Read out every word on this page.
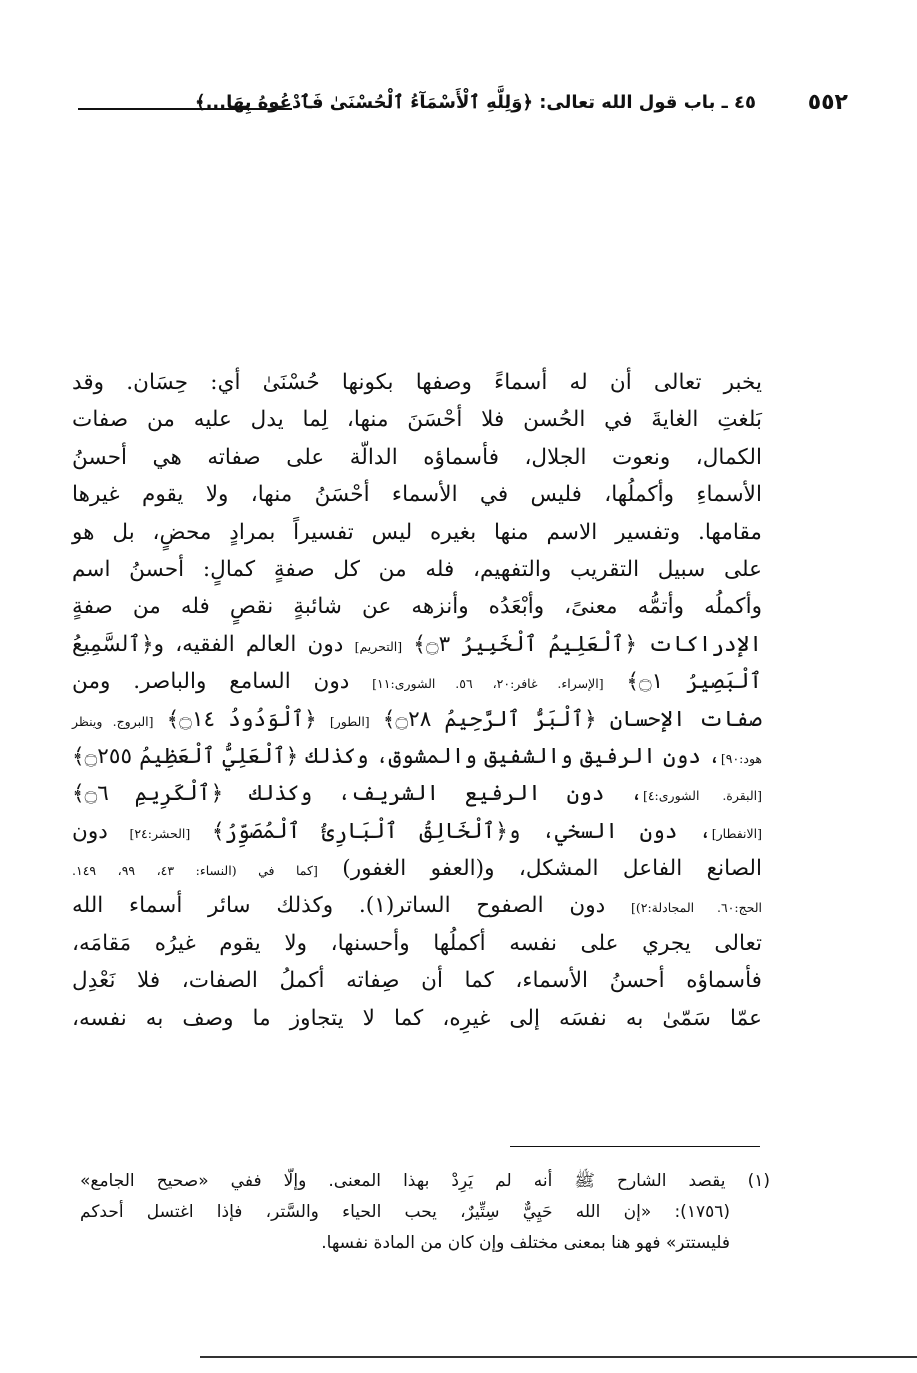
٥٥٢
٤٥ ـ باب قول الله تعالى: ﴿وَلِلَّهِ ٱلْأَسْمَآءُ ٱلْحُسْنَىٰ فَٱدْعُوهُ بِهَا...﴾
يخبر تعالى أن له أسماءً وصفها بكونها حُسْنَىٰ أي: حِسَان. وقد
بَلغتِ الغايةَ في الحُسن فلا أحْسَنَ منها، لِما يدل عليه من صفات
الكمال، ونعوت الجلال، فأسماؤه الدالّة على صفاته هي أحسنُ
الأسماءِ وأكملُها، فليس في الأسماء أحْسَنُ منها، ولا يقوم غيرها
مقامها. وتفسير الاسم منها بغيره ليس تفسيراً بمرادٍ محضٍ، بل هو
على سبيل التقريب والتفهيم، فله من كل صفةٍ كمالٍ: أحسنُ اسم
وأكملُه وأتمُّه معنىً، وأبْعَدُه وأنزهه عن شائبةٍ نقصٍ فله من صفةٍ
الإدراكات ﴿ٱلْعَلِيمُ ٱلْخَبِيرُ ۝٣﴾ [التحريم] دون العالم الفقيه، و﴿ٱلسَّمِيعُ
ٱلْبَصِيرُ ۝١﴾ [الإسراء. غافر:٢٠، ٥٦. الشورى:١١] دون السامع والباصر. ومن
صفات الإحسان ﴿ٱلْبَرُّ ٱلرَّحِيمُ ۝٢٨﴾ [الطور] ﴿ٱلْوَدُودُ ۝١٤﴾ [البروج. وينظر
هود:٩٠]، دون الرفيق والشفيق والمشوق، وكذلك ﴿ٱلْعَلِيُّ ٱلْعَظِيمُ ۝٢٥٥﴾
[البقرة. الشورى:٤]، دون الرفيع الشريف، وكذلك ﴿ٱلْكَرِيمِ ۝٦﴾
[الانفطار]، دون السخي، و﴿ٱلْخَالِقُ ٱلْبَارِئُ ٱلْمُصَوِّرُ﴾ [الحشر:٢٤] دون
الصانع الفاعل المشكل، و(العفو الغفور) [كما في (النساء: ٤٣، ٩٩، ١٤٩.
الحج:٦٠. المجادلة:٢)] دون الصفوح الساتر(١). وكذلك سائر أسماء الله
تعالى يجري على نفسه أكملُها وأحسنها، ولا يقوم غيرُه مَقامَه،
فأسماؤه أحسنُ الأسماء، كما أن صِفاته أكملُ الصفات، فلا نَعْدِل
عمّا سَمّىٰ به نفسَه إلى غيرِه، كما لا يتجاوز ما وصف به نفسه،
(١) يقصد الشارح ﷺ أنه لم يَرِدْ بهذا المعنى. وإلّا ففي «صحيح الجامع»
(١٧٥٦): «إن الله حَيِيٌّ سِتِّيرٌ، يحب الحياء والسَّتر، فإذا اغتسل أحدكم
فليستتر» فهو هنا بمعنى مختلف وإن كان من المادة نفسها.
